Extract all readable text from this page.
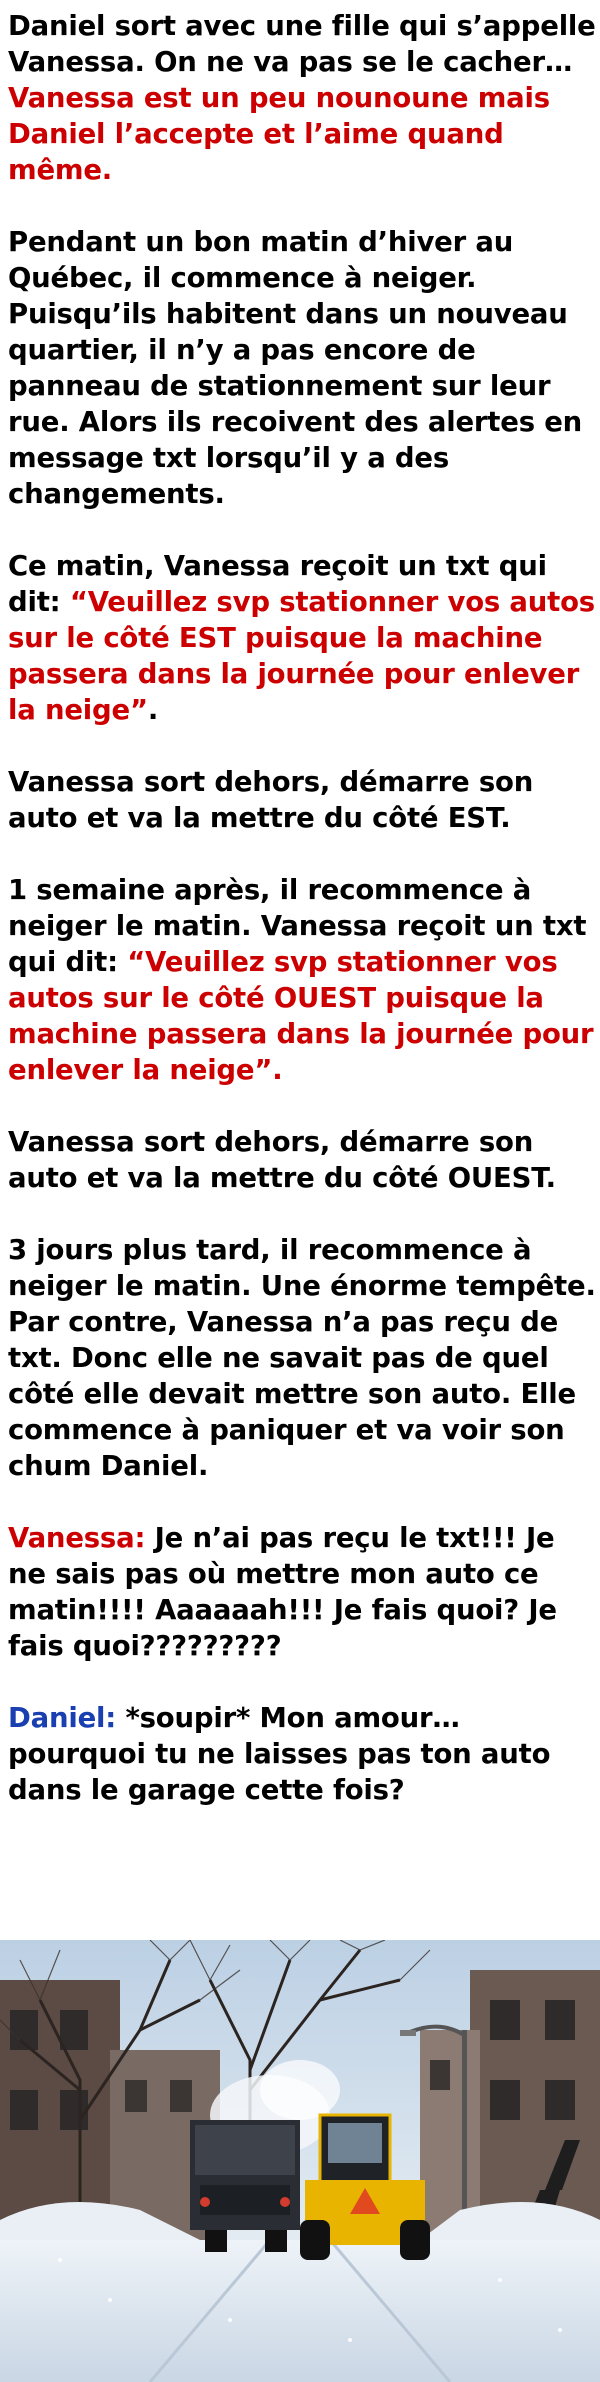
Daniel sort avec une fille qui s’appelle Vanessa. On ne va pas se le cacher… Vanessa est un peu nounoune mais Daniel l’accepte et l’aime quand même.

Pendant un bon matin d’hiver au Québec, il commence à neiger. Puisqu’ils habitent dans un nouveau quartier, il n’y a pas encore de panneau de stationnement sur leur rue. Alors ils recoivent des alertes en message txt lorsqu’il y a des changements.

Ce matin, Vanessa reçoit un txt qui dit: “Veuillez svp stationner vos autos sur le côté EST puisque la machine passera dans la journée pour enlever la neige”.

Vanessa sort dehors, démarre son auto et va la mettre du côté EST.

1 semaine après, il recommence à neiger le matin. Vanessa reçoit un txt qui dit: “Veuillez svp stationner vos autos sur le côté OUEST puisque la machine passera dans la journée pour enlever la neige”.

Vanessa sort dehors, démarre son auto et va la mettre du côté OUEST.

3 jours plus tard, il recommence à neiger le matin. Une énorme tempête. Par contre, Vanessa n’a pas reçu de txt. Donc elle ne savait pas de quel côté elle devait mettre son auto. Elle commence à paniquer et va voir son chum Daniel.

Vanessa: Je n’ai pas reçu le txt!!! Je ne sais pas où mettre mon auto ce matin!!!! Aaaaaah!!! Je fais quoi? Je fais quoi?????????

Daniel: *soupir* Mon amour… pourquoi tu ne laisses pas ton auto dans le garage cette fois?
